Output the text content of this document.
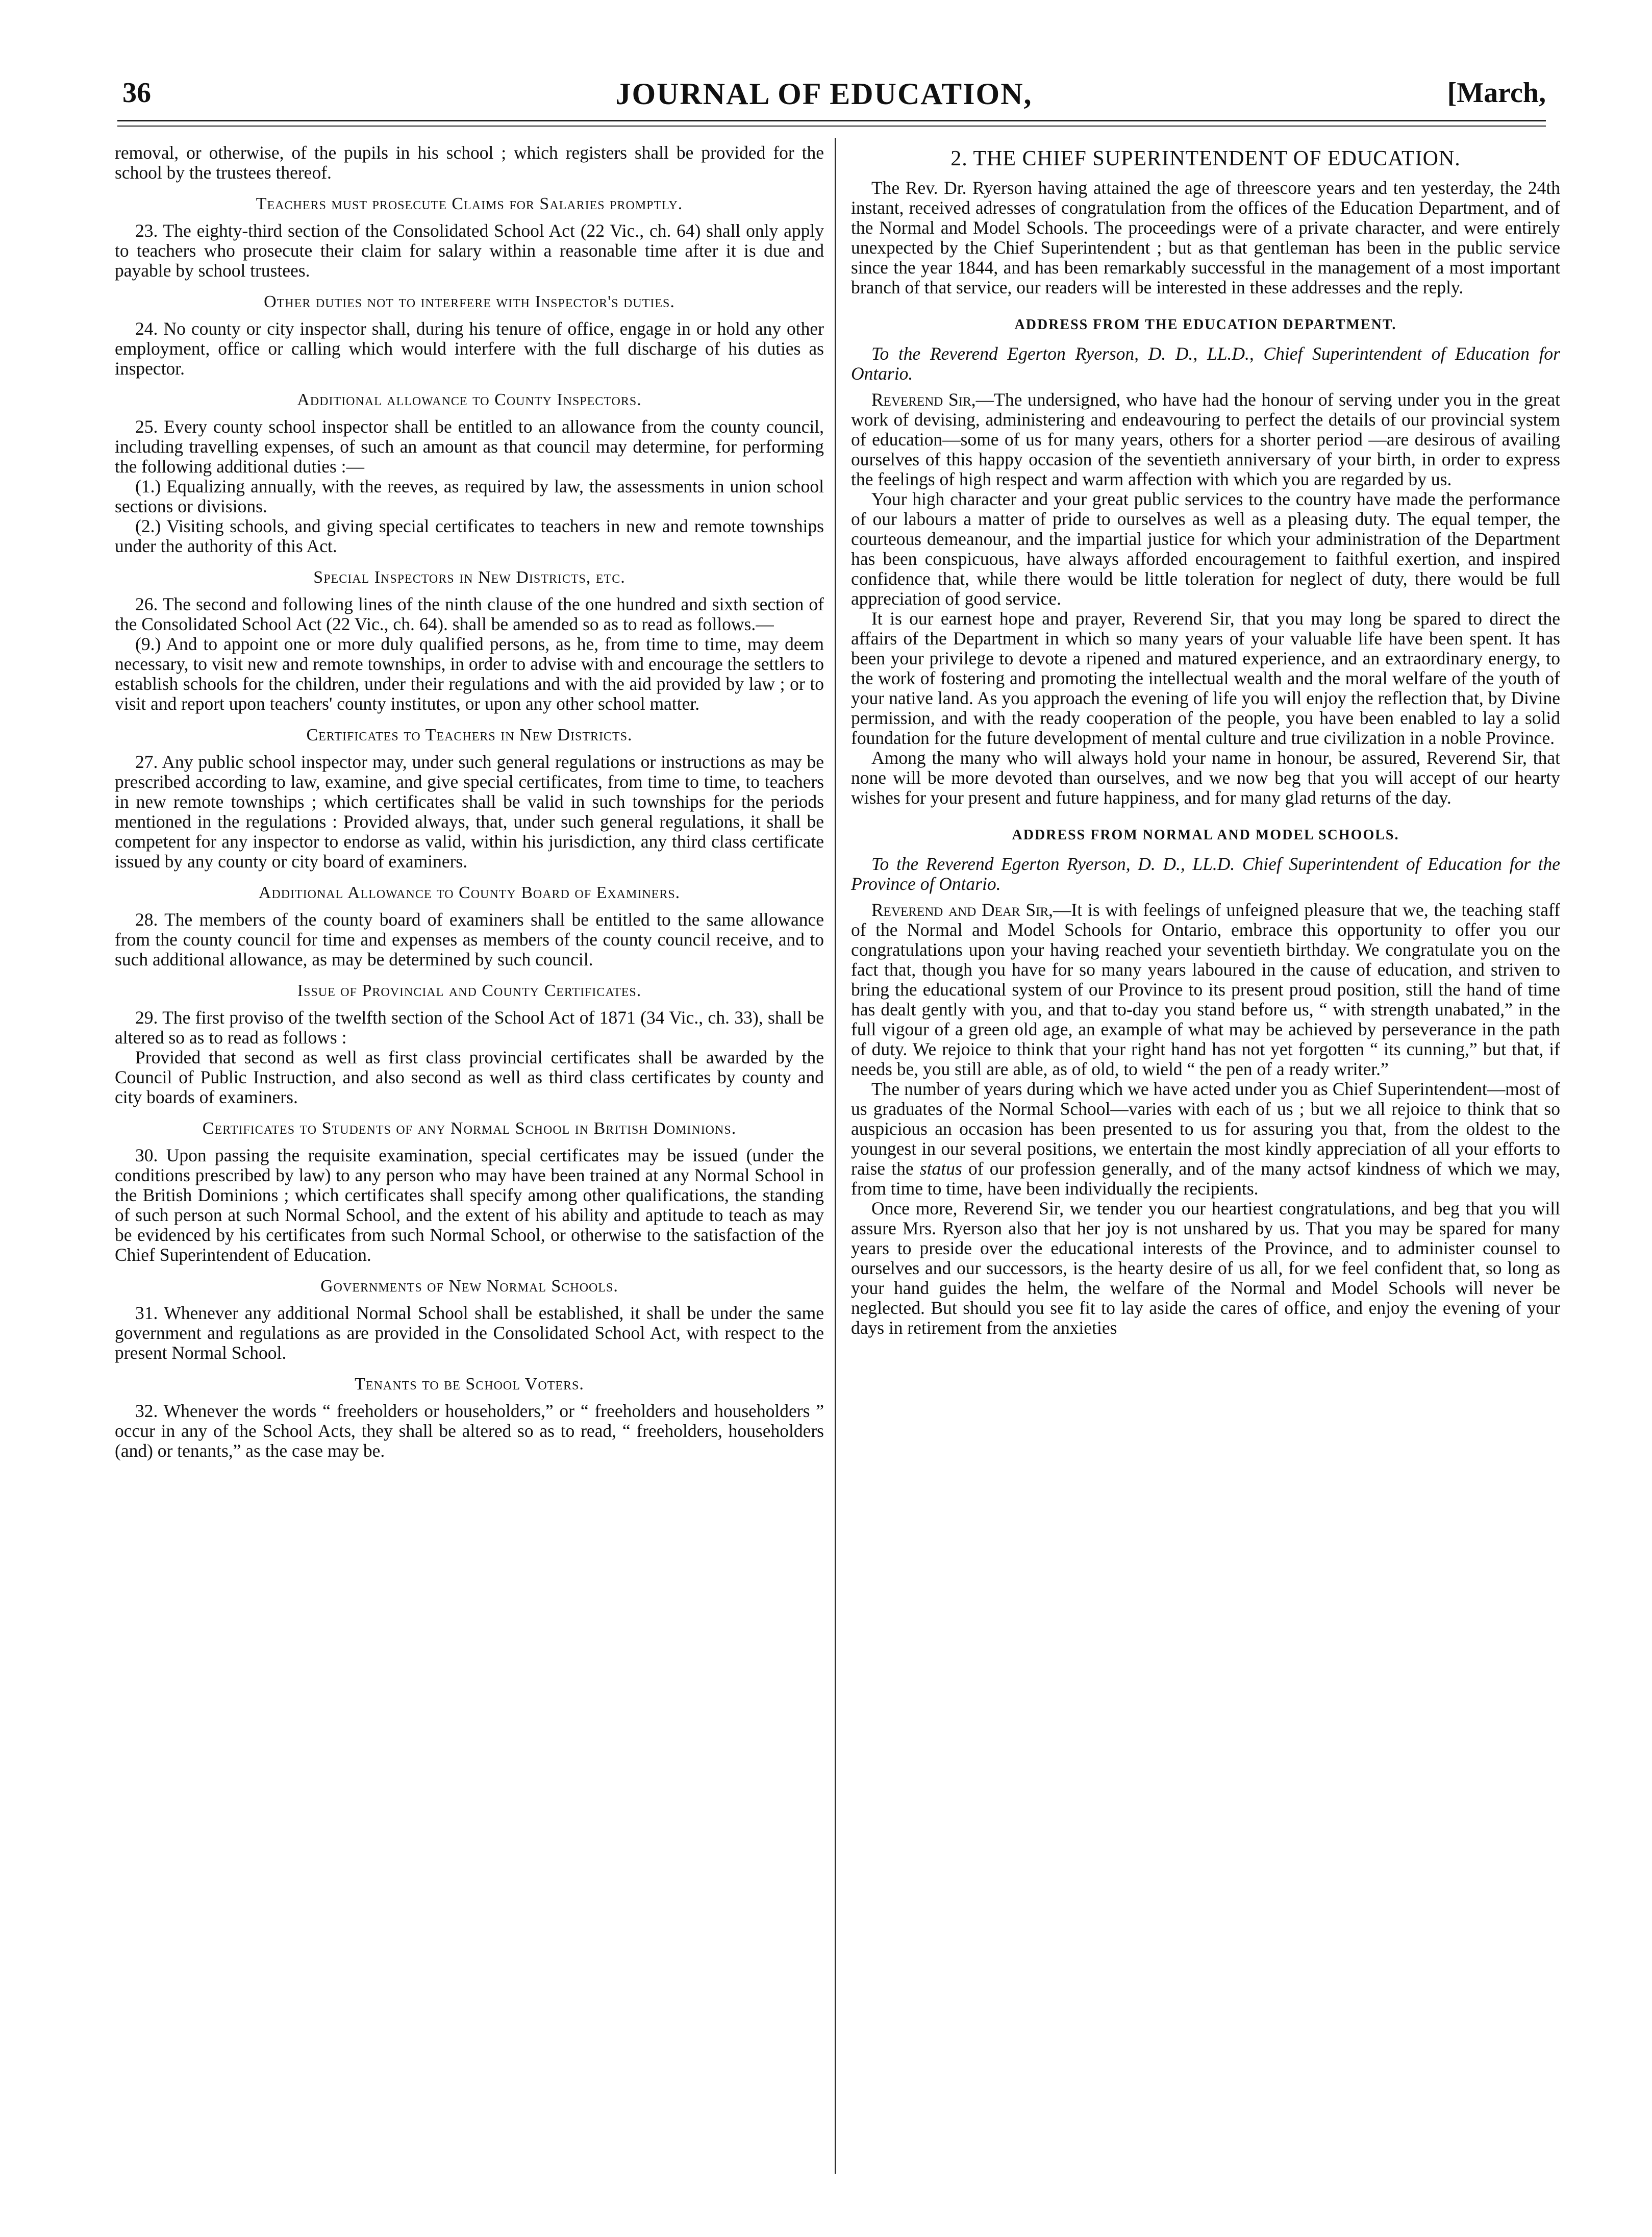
36	JOURNAL OF EDUCATION,	[March,

removal, or otherwise, of the pupils in his school ; which registers shall be provided for the school by the trustees thereof.

Teachers must prosecute Claims for Salaries promptly.

23. The eighty-third section of the Consolidated School Act (22 Vic., ch. 64) shall only apply to teachers who prosecute their claim for salary within a reasonable time after it is due and payable by school trustees.

Other duties not to interfere with Inspector's duties.

24. No county or city inspector shall, during his tenure of office, engage in or hold any other employment, office or calling which would interfere with the full discharge of his duties as inspector.

Additional allowance to County Inspectors.

25. Every county school inspector shall be entitled to an allowance from the county council, including travelling expenses, of such an amount as that council may determine, for performing the following additional duties :—

(1.) Equalizing annually, with the reeves, as required by law, the assessments in union school sections or divisions.

(2.) Visiting schools, and giving special certificates to teachers in new and remote townships under the authority of this Act.

Special Inspectors in New Districts, etc.

26. The second and following lines of the ninth clause of the one hundred and sixth section of the Consolidated School Act (22 Vic., ch. 64). shall be amended so as to read as follows.—

(9.) And to appoint one or more duly qualified persons, as he, from time to time, may deem necessary, to visit new and remote townships, in order to advise with and encourage the settlers to establish schools for the children, under their regulations and with the aid provided by law ; or to visit and report upon teachers' county institutes, or upon any other school matter.

Certificates to Teachers in New Districts.

27. Any public school inspector may, under such general regulations or instructions as may be prescribed according to law, examine, and give special certificates, from time to time, to teachers in new remote townships ; which certificates shall be valid in such townships for the periods mentioned in the regulations : Provided always, that, under such general regulations, it shall be competent for any inspector to endorse as valid, within his jurisdiction, any third class certificate issued by any county or city board of examiners.

Additional Allowance to County Board of Examiners.

28. The members of the county board of examiners shall be entitled to the same allowance from the county council for time and expenses as members of the county council receive, and to such additional allowance, as may be determined by such council.

Issue of Provincial and County Certificates.

29. The first proviso of the twelfth section of the School Act of 1871 (34 Vic., ch. 33), shall be altered so as to read as follows :

Provided that second as well as first class provincial certificates shall be awarded by the Council of Public Instruction, and also second as well as third class certificates by county and city boards of examiners.

Certificates to Students of any Normal School in British Dominions.

30. Upon passing the requisite examination, special certificates may be issued (under the conditions prescribed by law) to any person who may have been trained at any Normal School in the British Dominions ; which certificates shall specify among other qualifications, the standing of such person at such Normal School, and the extent of his ability and aptitude to teach as may be evidenced by his certificates from such Normal School, or otherwise to the satisfaction of the Chief Superintendent of Education.

Governments of New Normal Schools.

31. Whenever any additional Normal School shall be established, it shall be under the same government and regulations as are provided in the Consolidated School Act, with respect to the present Normal School.

Tenants to be School Voters.

32. Whenever the words “ freeholders or householders,” or “ freeholders and householders ” occur in any of the School Acts, they shall be altered so as to read, “ freeholders, householders (and) or tenants,” as the case may be.

2. THE CHIEF SUPERINTENDENT OF EDUCATION.

The Rev. Dr. Ryerson having attained the age of threescore years and ten yesterday, the 24th instant, received adresses of congratulation from the offices of the Education Department, and of the Normal and Model Schools. The proceedings were of a private character, and were entirely unexpected by the Chief Superintendent ; but as that gentleman has been in the public service since the year 1844, and has been remarkably successful in the management of a most important branch of that service, our readers will be interested in these addresses and the reply.

ADDRESS FROM THE EDUCATION DEPARTMENT.

To the Reverend Egerton Ryerson, D. D., LL.D., Chief Superintendent of Education for Ontario.

Reverend Sir,—The undersigned, who have had the honour of serving under you in the great work of devising, administering and endeavouring to perfect the details of our provincial system of education—some of us for many years, others for a shorter period —are desirous of availing ourselves of this happy occasion of the seventieth anniversary of your birth, in order to express the feelings of high respect and warm affection with which you are regarded by us.

Your high character and your great public services to the country have made the performance of our labours a matter of pride to ourselves as well as a pleasing duty. The equal temper, the courteous demeanour, and the impartial justice for which your administration of the Department has been conspicuous, have always afforded encouragement to faithful exertion, and inspired confidence that, while there would be little toleration for neglect of duty, there would be full appreciation of good service.

It is our earnest hope and prayer, Reverend Sir, that you may long be spared to direct the affairs of the Department in which so many years of your valuable life have been spent. It has been your privilege to devote a ripened and matured experience, and an extraordinary energy, to the work of fostering and promoting the intellectual wealth and the moral welfare of the youth of your native land. As you approach the evening of life you will enjoy the reflection that, by Divine permission, and with the ready cooperation of the people, you have been enabled to lay a solid foundation for the future development of mental culture and true civilization in a noble Province.

Among the many who will always hold your name in honour, be assured, Reverend Sir, that none will be more devoted than ourselves, and we now beg that you will accept of our hearty wishes for your present and future happiness, and for many glad returns of the day.

ADDRESS FROM NORMAL AND MODEL SCHOOLS.

To the Reverend Egerton Ryerson, D. D., LL.D. Chief Superintendent of Education for the Province of Ontario.

Reverend and Dear Sir,—It is with feelings of unfeigned pleasure that we, the teaching staff of the Normal and Model Schools for Ontario, embrace this opportunity to offer you our congratulations upon your having reached your seventieth birthday. We congratulate you on the fact that, though you have for so many years laboured in the cause of education, and striven to bring the educational system of our Province to its present proud position, still the hand of time has dealt gently with you, and that to-day you stand before us, “ with strength unabated,” in the full vigour of a green old age, an example of what may be achieved by perseverance in the path of duty. We rejoice to think that your right hand has not yet forgotten “ its cunning,” but that, if needs be, you still are able, as of old, to wield “ the pen of a ready writer.”

The number of years during which we have acted under you as Chief Superintendent—most of us graduates of the Normal School—varies with each of us ; but we all rejoice to think that so auspicious an occasion has been presented to us for assuring you that, from the oldest to the youngest in our several positions, we entertain the most kindly appreciation of all your efforts to raise the status of our profession generally, and of the many actsof kindness of which we may, from time to time, have been individually the recipients.

Once more, Reverend Sir, we tender you our heartiest congratulations, and beg that you will assure Mrs. Ryerson also that her joy is not unshared by us. That you may be spared for many years to preside over the educational interests of the Province, and to administer counsel to ourselves and our successors, is the hearty desire of us all, for we feel confident that, so long as your hand guides the helm, the welfare of the Normal and Model Schools will never be neglected. But should you see fit to lay aside the cares of office, and enjoy the evening of your days in retirement from the anxieties
